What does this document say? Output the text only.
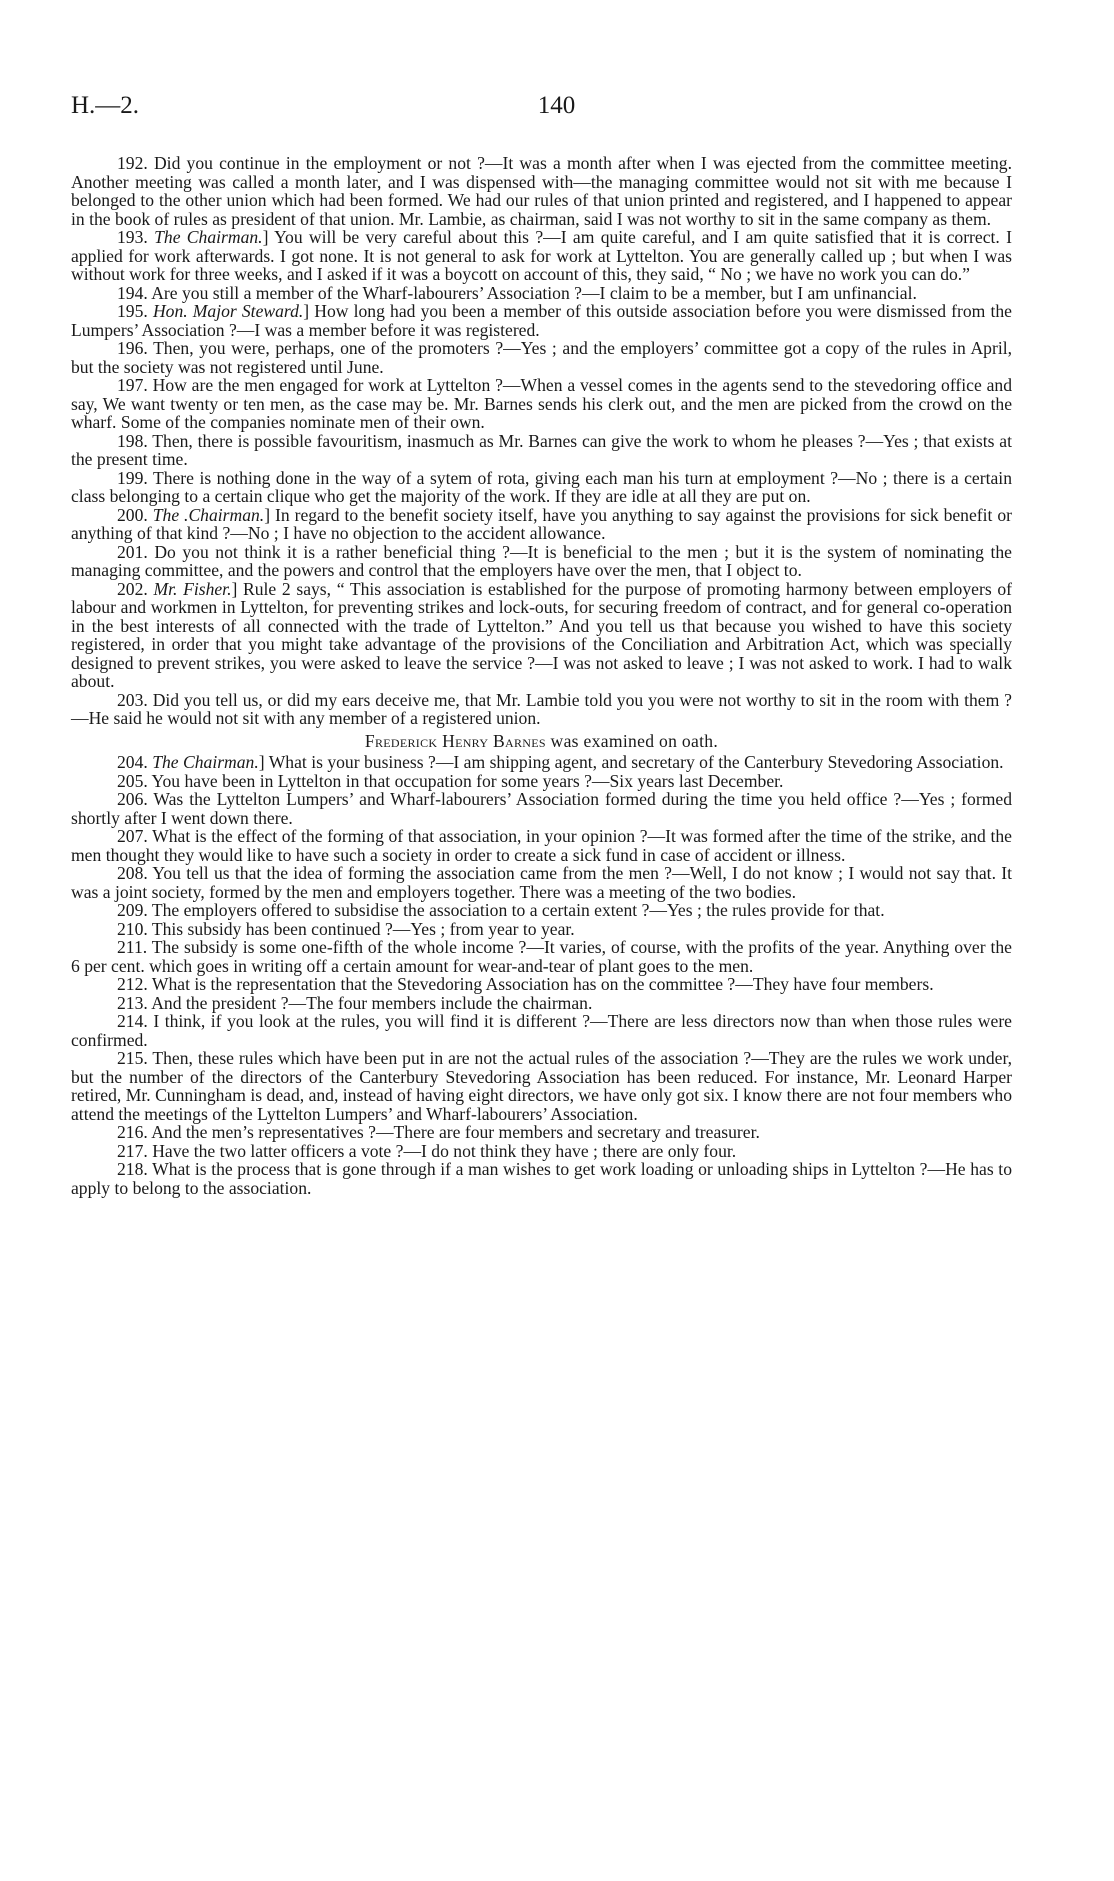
H.—2.	140

192. Did you continue in the employment or not ?—It was a month after when I was ejected from the committee meeting. Another meeting was called a month later, and I was dispensed with—the managing committee would not sit with me because I belonged to the other union which had been formed. We had our rules of that union printed and registered, and I happened to appear in the book of rules as president of that union. Mr. Lambie, as chairman, said I was not worthy to sit in the same company as them.

193. The Chairman.] You will be very careful about this ?—I am quite careful, and I am quite satisfied that it is correct. I applied for work afterwards. I got none. It is not general to ask for work at Lyttelton. You are generally called up ; but when I was without work for three weeks, and I asked if it was a boycott on account of this, they said, “ No ; we have no work you can do.”

194. Are you still a member of the Wharf-labourers’ Association ?—I claim to be a member, but I am unfinancial.

195. Hon. Major Steward.] How long had you been a member of this outside association before you were dismissed from the Lumpers’ Association ?—I was a member before it was registered.

196. Then, you were, perhaps, one of the promoters ?—Yes ; and the employers’ committee got a copy of the rules in April, but the society was not registered until June.

197. How are the men engaged for work at Lyttelton ?—When a vessel comes in the agents send to the stevedoring office and say, We want twenty or ten men, as the case may be. Mr. Barnes sends his clerk out, and the men are picked from the crowd on the wharf. Some of the companies nominate men of their own.

198. Then, there is possible favouritism, inasmuch as Mr. Barnes can give the work to whom he pleases ?—Yes ; that exists at the present time.

199. There is nothing done in the way of a sytem of rota, giving each man his turn at employment ?—No ; there is a certain class belonging to a certain clique who get the majority of the work. If they are idle at all they are put on.

200. The .Chairman.] In regard to the benefit society itself, have you anything to say against the provisions for sick benefit or anything of that kind ?—No ; I have no objection to the accident allowance.

201. Do you not think it is a rather beneficial thing ?—It is beneficial to the men ; but it is the system of nominating the managing committee, and the powers and control that the employers have over the men, that I object to.

202. Mr. Fisher.] Rule 2 says, “ This association is established for the purpose of promoting harmony between employers of labour and workmen in Lyttelton, for preventing strikes and lock-outs, for securing freedom of contract, and for general co-operation in the best interests of all connected with the trade of Lyttelton.” And you tell us that because you wished to have this society registered, in order that you might take advantage of the provisions of the Conciliation and Arbitration Act, which was specially designed to prevent strikes, you were asked to leave the service ?—I was not asked to leave ; I was not asked to work. I had to walk about.

203. Did you tell us, or did my ears deceive me, that Mr. Lambie told you you were not worthy to sit in the room with them ?—He said he would not sit with any member of a registered union.

Frederick Henry Barnes was examined on oath.

204. The Chairman.] What is your business ?—I am shipping agent, and secretary of the Canterbury Stevedoring Association.

205. You have been in Lyttelton in that occupation for some years ?—Six years last December.

206. Was the Lyttelton Lumpers’ and Wharf-labourers’ Association formed during the time you held office ?—Yes ; formed shortly after I went down there.

207. What is the effect of the forming of that association, in your opinion ?—It was formed after the time of the strike, and the men thought they would like to have such a society in order to create a sick fund in case of accident or illness.

208. You tell us that the idea of forming the association came from the men ?—Well, I do not know ; I would not say that. It was a joint society, formed by the men and employers together. There was a meeting of the two bodies.

209. The employers offered to subsidise the association to a certain extent ?—Yes ; the rules provide for that.

210. This subsidy has been continued ?—Yes ; from year to year.

211. The subsidy is some one-fifth of the whole income ?—It varies, of course, with the profits of the year. Anything over the 6 per cent. which goes in writing off a certain amount for wear-and-tear of plant goes to the men.

212. What is the representation that the Stevedoring Association has on the committee ?—They have four members.

213. And the president ?—The four members include the chairman.

214. I think, if you look at the rules, you will find it is different ?—There are less directors now than when those rules were confirmed.

215. Then, these rules which have been put in are not the actual rules of the association ?—They are the rules we work under, but the number of the directors of the Canterbury Stevedoring Association has been reduced. For instance, Mr. Leonard Harper retired, Mr. Cunningham is dead, and, instead of having eight directors, we have only got six. I know there are not four members who attend the meetings of the Lyttelton Lumpers’ and Wharf-labourers’ Association.

216. And the men’s representatives ?—There are four members and secretary and treasurer.

217. Have the two latter officers a vote ?—I do not think they have ; there are only four.

218. What is the process that is gone through if a man wishes to get work loading or unloading ships in Lyttelton ?—He has to apply to belong to the association.
